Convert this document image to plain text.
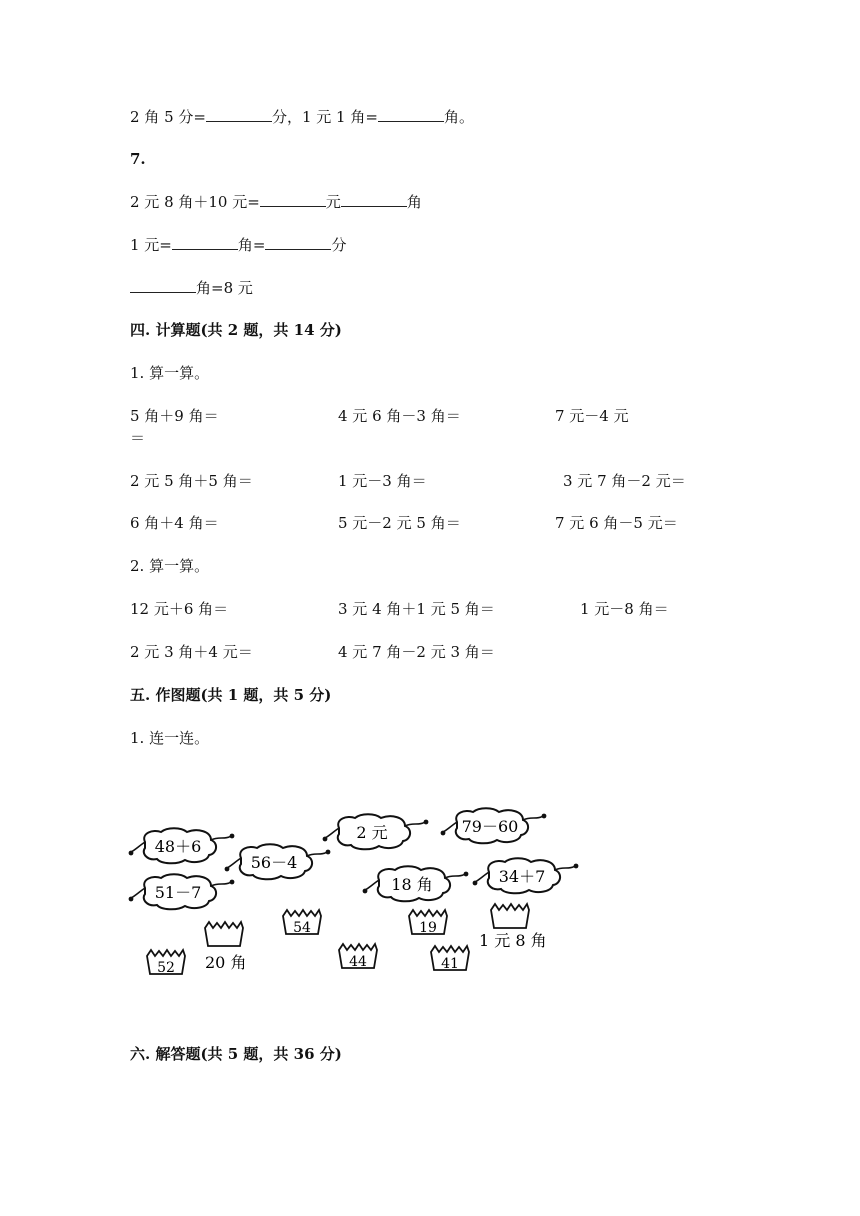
2 角 5 分=	分，1 元 1 角=	角。
7.
2 元 8 角＋10 元=	元	角
1 元=	角=	分
角=8 元
四. 计算题(共 2 题，共 14 分)
1. 算一算。
5 角＋9 角＝	4 元 6 角－3 角＝	7 元－4 元
＝
2 元 5 角＋5 角＝	1 元－3 角＝	3 元 7 角－2 元＝
6 角＋4 角＝	5 元－2 元 5 角＝	7 元 6 角－5 元＝
2. 算一算。
12 元＋6 角＝	3 元 4 角＋1 元 5 角＝	1 元－8 角＝
2 元 3 角＋4 元＝	4 元 7 角－2 元 3 角＝
五. 作图题(共 1 题，共 5 分)
1. 连一连。
48＋6
56－4
2 元	79－60
51－7	18 角	34＋7
52
54
44
19
41
20 角
1 元 8 角
六. 解答题(共 5 题，共 36 分)
